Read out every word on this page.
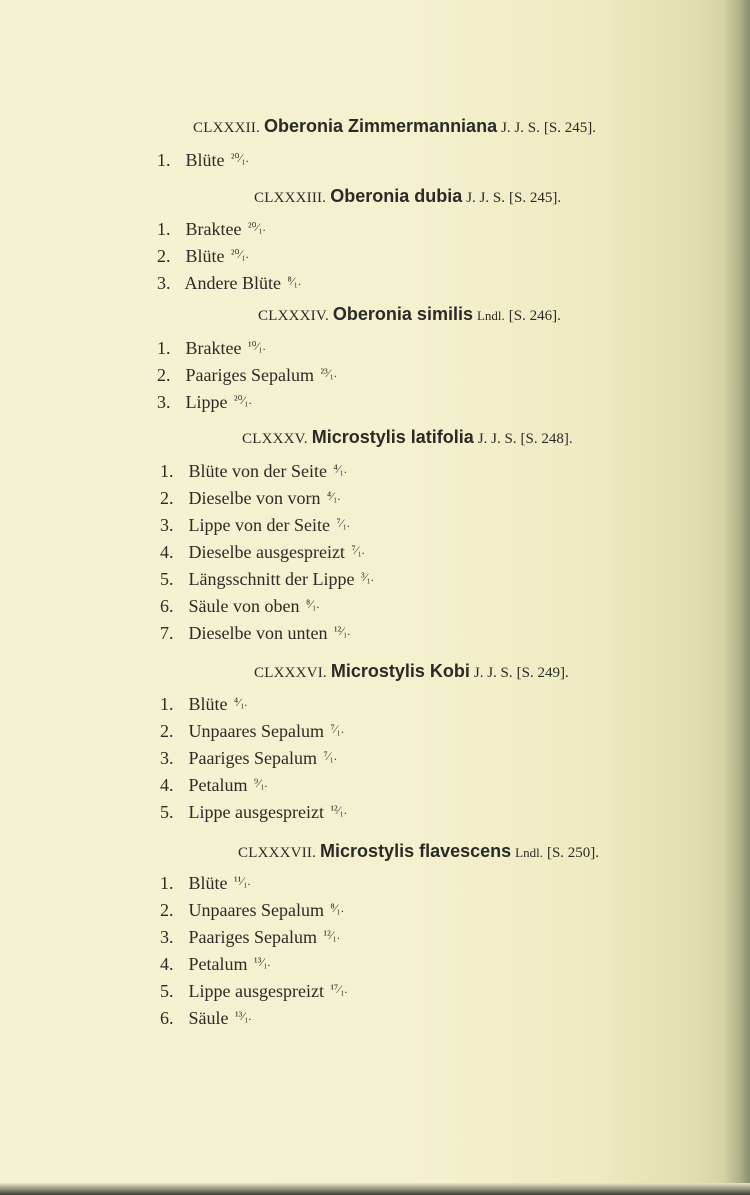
CLXXXII. Oberonia Zimmermanniana J. J. S. [S. 245].
1. Blüte $^{^{20}⁄_1.}$
CLXXXIII. Oberonia dubia J. J. S. [S. 245].
1. Braktee $^{^{20}⁄_1.}$
2. Blüte $^{^{20}⁄_1.}$
3. Andere Blüte $^{^8⁄_1.}$
CLXXXIV. Oberonia similis Lndl. [S. 246].
1. Braktee $^{^{10}⁄_1.}$
2. Paariges Sepalum $^{^{23}⁄_1.}$
3. Lippe $^{^{20}⁄_1.}$
CLXXXV. Microstylis latifolia J. J. S. [S. 248].
1. Blüte von der Seite $^{^4⁄_1.}$
2. Dieselbe von vorn $^{^4⁄_1.}$
3. Lippe von der Seite $^{^7⁄_1.}$
4. Dieselbe ausgespreizt $^{^7⁄_1.}$
5. Längsschnitt der Lippe $^{^3⁄_1.}$
6. Säule von oben $^{^8⁄_1.}$
7. Dieselbe von unten $^{^{12}⁄_1.}$
CLXXXVI. Microstylis Kobi J. J. S. [S. 249].
1. Blüte $^{^4⁄_1.}$
2. Unpaares Sepalum $^{^7⁄_1.}$
3. Paariges Sepalum $^{^7⁄_1.}$
4. Petalum $^{^9⁄_1.}$
5. Lippe ausgespreizt $^{^{12}⁄_1.}$
CLXXXVII. Microstylis flavescens Lndl. [S. 250].
1. Blüte $^{^{11}⁄_1.}$
2. Unpaares Sepalum $^{^8⁄_1.}$
3. Paariges Sepalum $^{^{12}⁄_1.}$
4. Petalum $^{^{13}⁄_1.}$
5. Lippe ausgespreizt $^{^{17}⁄_1.}$
6. Säule $^{^{13}⁄_1.}$
